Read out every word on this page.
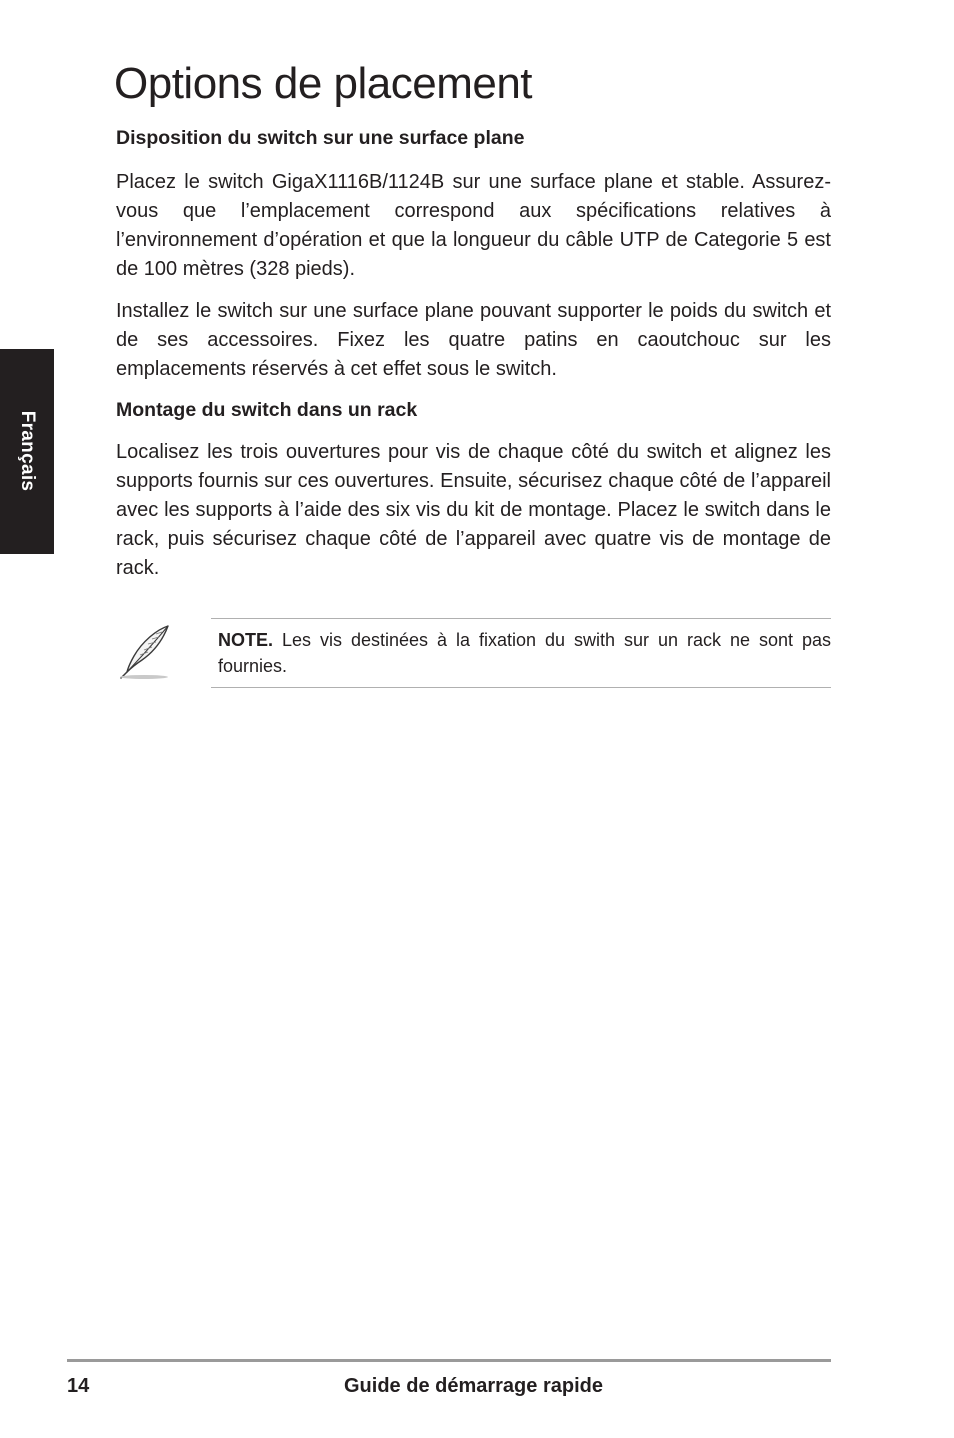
Français
Options de placement
Disposition du switch sur une surface plane

Placez le switch GigaX1116B/1124B sur une surface plane et stable. Assurez-vous que l’emplacement correspond aux spécifications relatives à l’environnement d’opération et que la longueur du câble UTP de Categorie 5 est de 100 mètres (328 pieds).

Installez le switch sur une surface plane pouvant supporter le poids du switch et de ses accessoires. Fixez les quatre patins en caoutchouc sur les emplacements réservés à cet effet sous le switch.

Montage du switch dans un rack

Localisez les trois ouvertures pour vis de chaque côté du switch et alignez les supports fournis sur ces ouvertures. Ensuite, sécurisez chaque côté de l’appareil avec les supports à l’aide des six vis du kit de montage. Placez le switch dans le rack, puis sécurisez chaque côté de l’appareil avec quatre vis de montage de rack.

NOTE. Les vis destinées à la fixation du swith sur un rack ne sont pas fournies.

14	Guide de démarrage rapide
